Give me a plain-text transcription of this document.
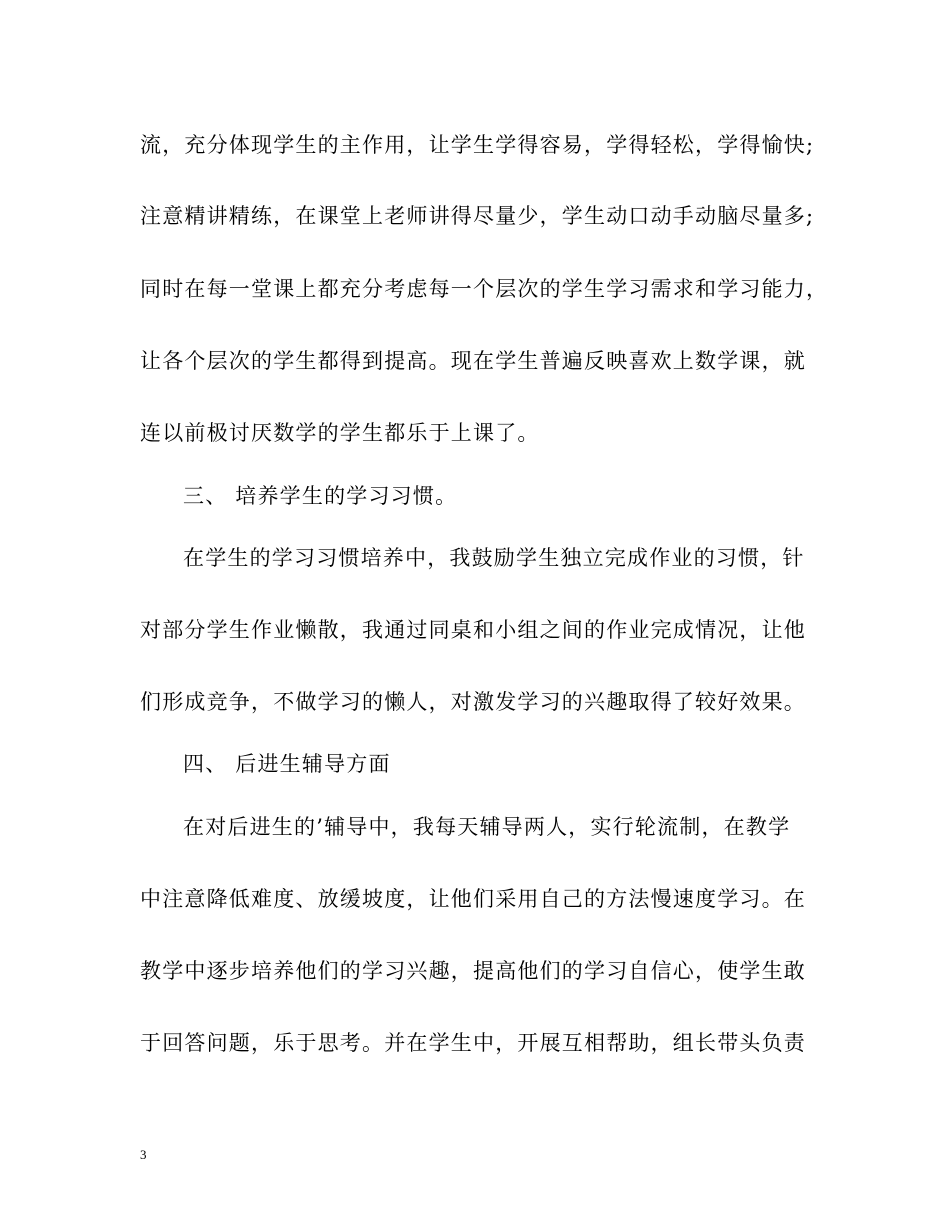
流，充分体现学生的主作用，让学生学得容易，学得轻松，学得愉快;
注意精讲精练，在课堂上老师讲得尽量少，学生动口动手动脑尽量多;
同时在每一堂课上都充分考虑每一个层次的学生学习需求和学习能力，
让各个层次的学生都得到提高。现在学生普遍反映喜欢上数学课，就
连以前极讨厌数学的学生都乐于上课了。
三、 培养学生的学习习惯。
在学生的学习习惯培养中，我鼓励学生独立完成作业的习惯，针
对部分学生作业懒散，我通过同桌和小组之间的作业完成情况，让他
们形成竞争，不做学习的懒人，对激发学习的兴趣取得了较好效果。
四、 后进生辅导方面
在对后进生的’辅导中，我每天辅导两人，实行轮流制，在教学
中注意降低难度、放缓坡度，让他们采用自己的方法慢速度学习。在
教学中逐步培养他们的学习兴趣，提高他们的学习自信心，使学生敢
于回答问题，乐于思考。并在学生中，开展互相帮助，组长带头负责
3
